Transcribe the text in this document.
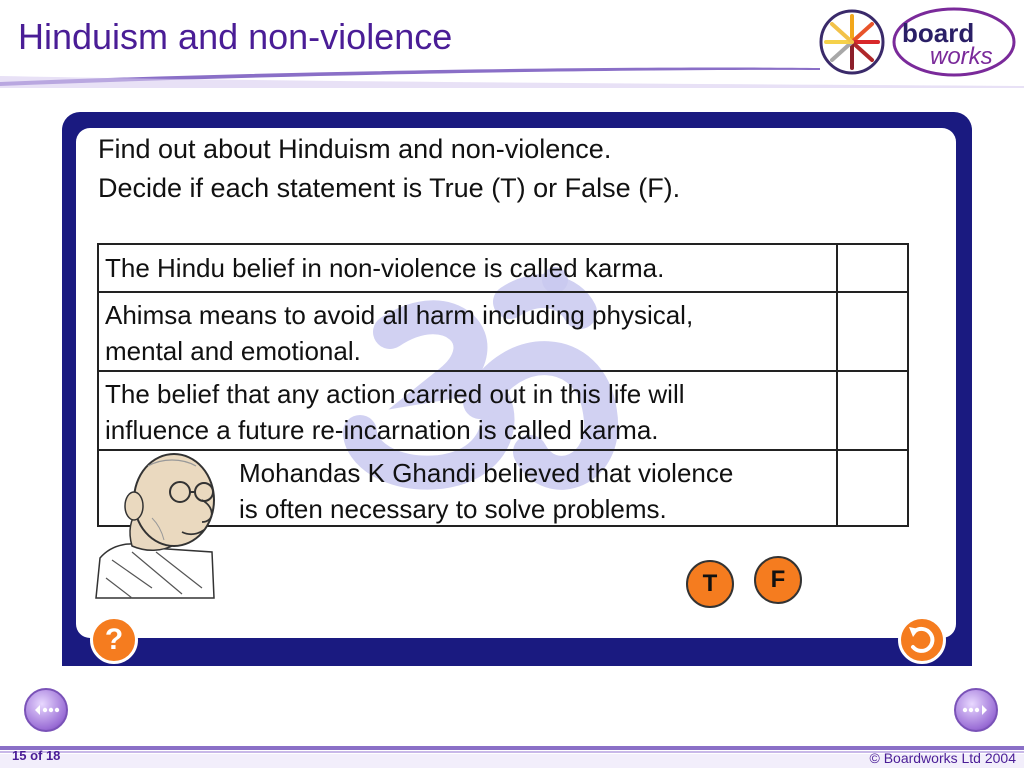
Hinduism and non-violence	board
works
Find out about Hinduism and non-violence.
Decide if each statement is True (T) or False (F).
The Hindu belief in non-violence is called karma.
Ahimsa means to avoid all harm including physical,
mental and emotional.
The belief that any action carried out in this life will
influence a future re-incarnation is called karma.
Mohandas K Ghandi believed that violence
is often necessary to solve problems.
T	F
?
15 of 18	© Boardworks Ltd 2004
